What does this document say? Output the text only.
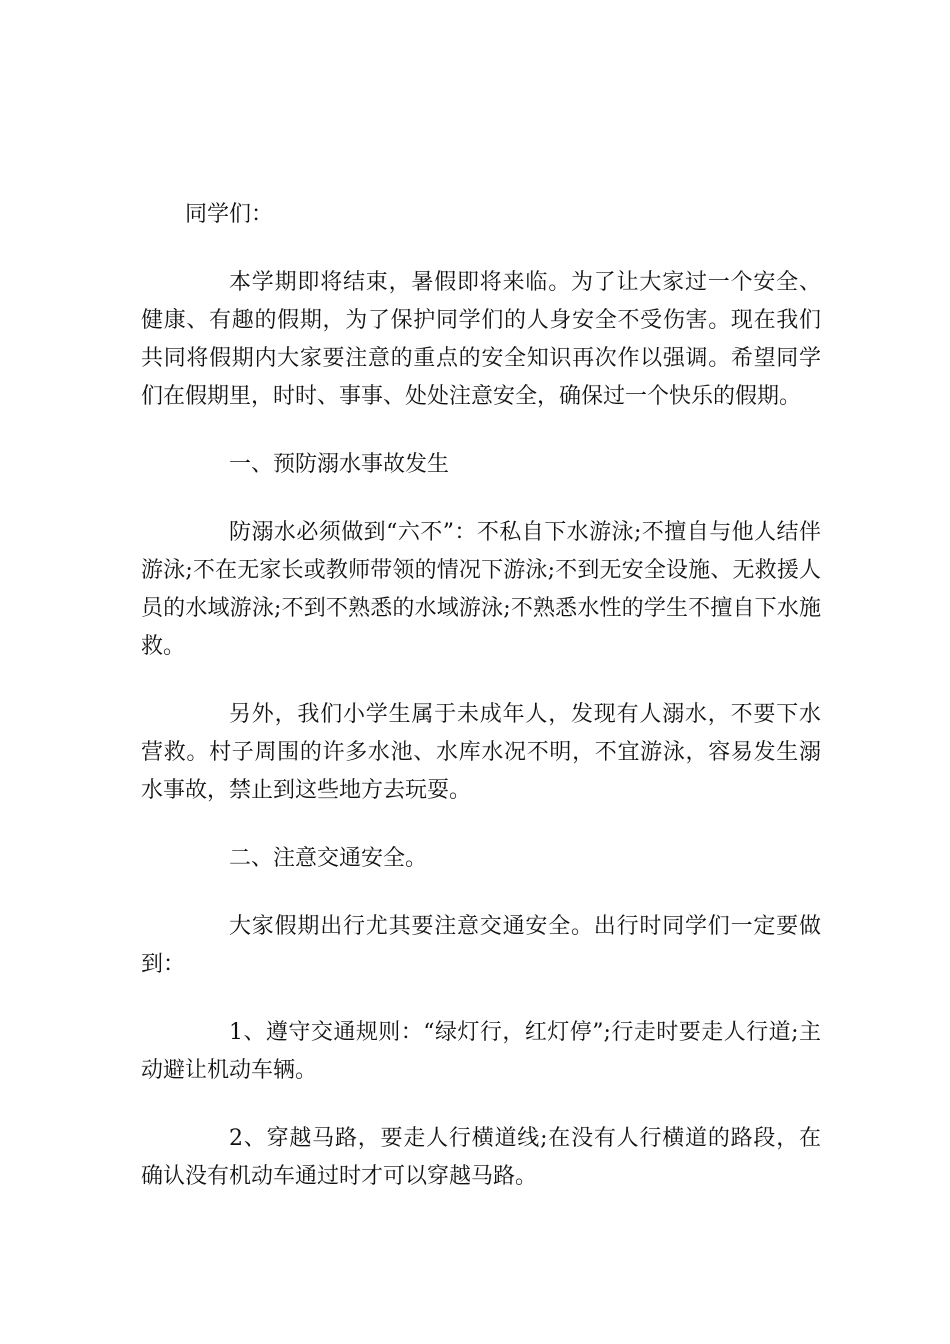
同学们：

本学期即将结束，暑假即将来临。为了让大家过一个安全、健康、有趣的假期，为了保护同学们的人身安全不受伤害。现在我们共同将假期内大家要注意的重点的安全知识再次作以强调。希望同学们在假期里，时时、事事、处处注意安全，确保过一个快乐的假期。

一、预防溺水事故发生

防溺水必须做到“六不”：不私自下水游泳;不擅自与他人结伴游泳;不在无家长或教师带领的情况下游泳;不到无安全设施、无救援人员的水域游泳;不到不熟悉的水域游泳;不熟悉水性的学生不擅自下水施救。

另外，我们小学生属于未成年人，发现有人溺水，不要下水营救。村子周围的许多水池、水库水况不明，不宜游泳，容易发生溺水事故，禁止到这些地方去玩耍。

二、注意交通安全。

大家假期出行尤其要注意交通安全。出行时同学们一定要做到：

1、遵守交通规则：“绿灯行，红灯停”;行走时要走人行道;主动避让机动车辆。

2、穿越马路，要走人行横道线;在没有人行横道的路段，在确认没有机动车通过时才可以穿越马路。
